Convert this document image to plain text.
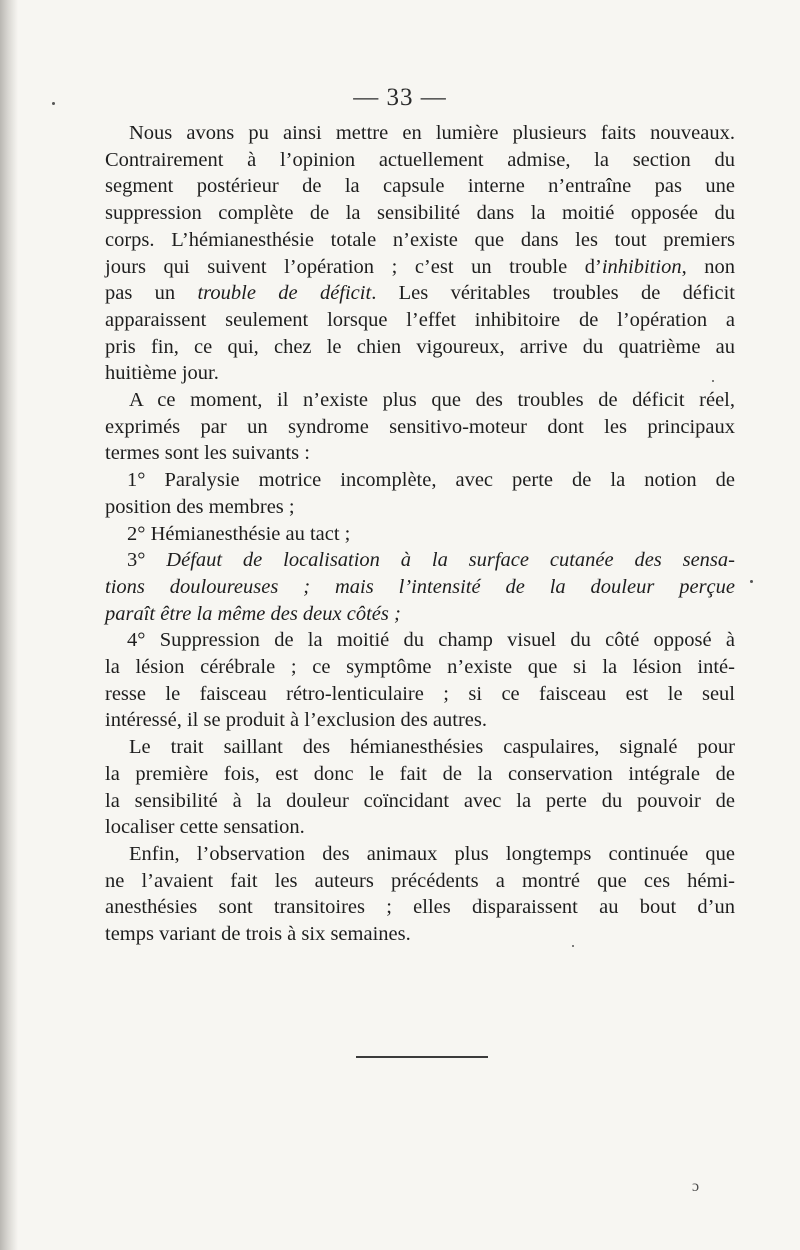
— 33 —
Nous avons pu ainsi mettre en lumière plusieurs faits nouveaux.
Contrairement à l’opinion actuellement admise, la section du
segment postérieur de la capsule interne n’entraîne pas une
suppression complète de la sensibilité dans la moitié opposée du
corps. L’hémianesthésie totale n’existe que dans les tout premiers
jours qui suivent l’opération ; c’est un trouble d’inhibition, non
pas un trouble de déficit. Les véritables troubles de déficit
apparaissent seulement lorsque l’effet inhibitoire de l’opération a
pris fin, ce qui, chez le chien vigoureux, arrive du quatrième au
huitième jour.
A ce moment, il n’existe plus que des troubles de déficit réel,
exprimés par un syndrome sensitivo-moteur dont les principaux
termes sont les suivants :
1° Paralysie motrice incomplète, avec perte de la notion de
position des membres ;
2° Hémianesthésie au tact ;
3° Défaut de localisation à la surface cutanée des sensa-
tions douloureuses ; mais l’intensité de la douleur perçue
paraît être la même des deux côtés ;
4° Suppression de la moitié du champ visuel du côté opposé à
la lésion cérébrale ; ce symptôme n’existe que si la lésion inté-
resse le faisceau rétro-lenticulaire ; si ce faisceau est le seul
intéressé, il se produit à l’exclusion des autres.
Le trait saillant des hémianesthésies caspulaires, signalé pour
la première fois, est donc le fait de la conservation intégrale de
la sensibilité à la douleur coïncidant avec la perte du pouvoir de
localiser cette sensation.
Enfin, l’observation des animaux plus longtemps continuée que
ne l’avaient fait les auteurs précédents a montré que ces hémi-
anesthésies sont transitoires ; elles disparaissent au bout d’un
temps variant de trois à six semaines.
ɔ
